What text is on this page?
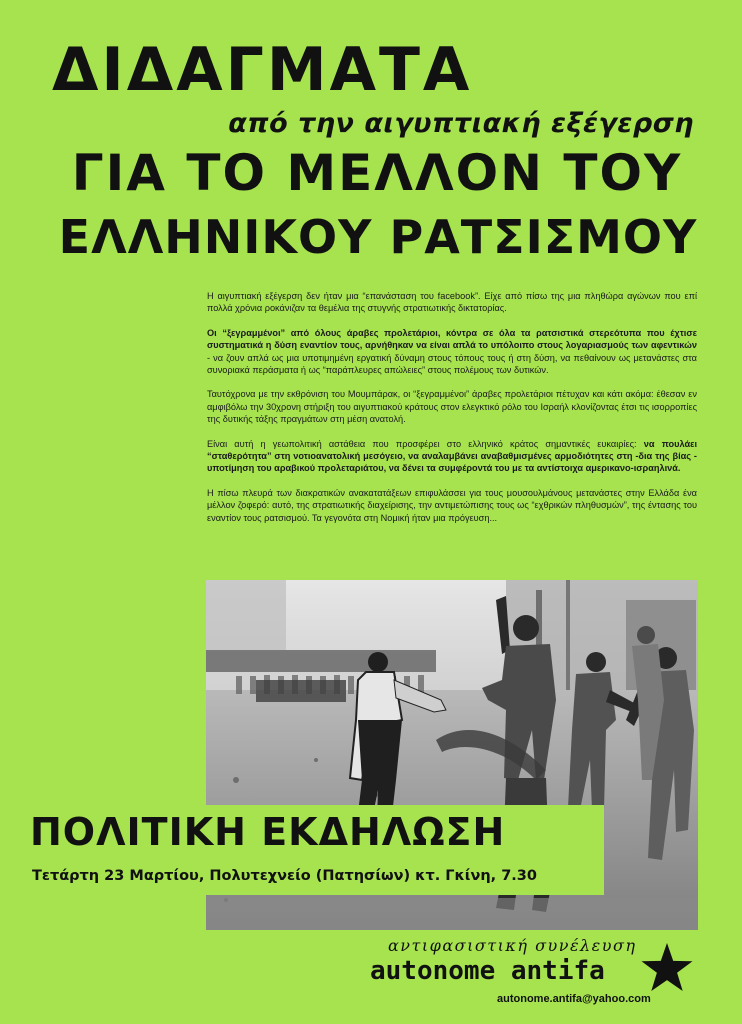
ΔΙΔΑΓΜΑΤΑ
από την αιγυπτιακή εξέγερση
ΓΙΑ ΤΟ ΜΕΛΛΟΝ ΤΟΥ
ΕΛΛΗΝΙΚΟΥ ΡΑΤΣΙΣΜΟΥ

Η αιγυπτιακή εξέγερση δεν ήταν μια “επανάσταση του facebook”. Είχε από πίσω της μια πληθώρα αγώνων που επί πολλά χρόνια ροκάνιζαν τα θεμέλια της στυγνής στρατιωτικής δικτατορίας.

Οι “ξεγραμμένοι” από όλους άραβες προλετάριοι, κόντρα σε όλα τα ρατσιστικά στερεότυπα που έχτισε συστηματικά η δύση εναντίον τους, αρνήθηκαν να είναι απλά το υπόλοιπο στους λογαριασμούς των αφεντικών - να ζουν απλά ως μια υποτιμημένη εργατική δύναμη στους τόπους τους ή στη δύση, να πεθαίνουν ως μετανάστες στα συνοριακά περάσματα ή ως “παράπλευρες απώλειες” στους πολέμους των δυτικών.

Ταυτόχρονα με την εκθρόνιση του Μουμπάρακ, οι “ξεγραμμένοι” άραβες προλετάριοι πέτυχαν και κάτι ακόμα: έθεσαν εν αμφιβόλω την 30χρονη στήριξη του αιγυπτιακού κράτους στον ελεγκτικό ρόλο του Ισραήλ κλονίζοντας έτσι τις ισορροπίες της δυτικής τάξης πραγμάτων στη μέση ανατολή.

Είναι αυτή η γεωπολιτική αστάθεια που προσφέρει στο ελληνικό κράτος σημαντικές ευκαιρίες: να πουλάει “σταθερότητα” στη νοτιοανατολική μεσόγειο, να αναλαμβάνει αναβαθμισμένες αρμοδιότητες στη -δια της βίας - υποτίμηση του αραβικού προλεταριάτου, να δένει τα συμφέροντά του με τα αντίστοιχα αμερικανο-ισραηλινά.

Η πίσω πλευρά των διακρατικών ανακατατάξεων επιφυλάσσει για τους μουσουλμάνους μετανάστες στην Ελλάδα ένα μέλλον ζοφερό: αυτό, της στρατιωτικής διαχείρισης, την αντιμετώπισης τους ως “εχθρικών πληθυσμών”, της έντασης του εναντίον τους ρατσισμού. Τα γεγονότα στη Νομική ήταν μια πρόγευση...

ΠΟΛΙΤΙΚΗ ΕΚΔΗΛΩΣΗ
Τετάρτη 23 Μαρτίου, Πολυτεχνείο (Πατησίων) κτ. Γκίνη, 7.30
αντιφασιστική συνέλευση
autonome antifa
autonome.antifa@yahoo.com
